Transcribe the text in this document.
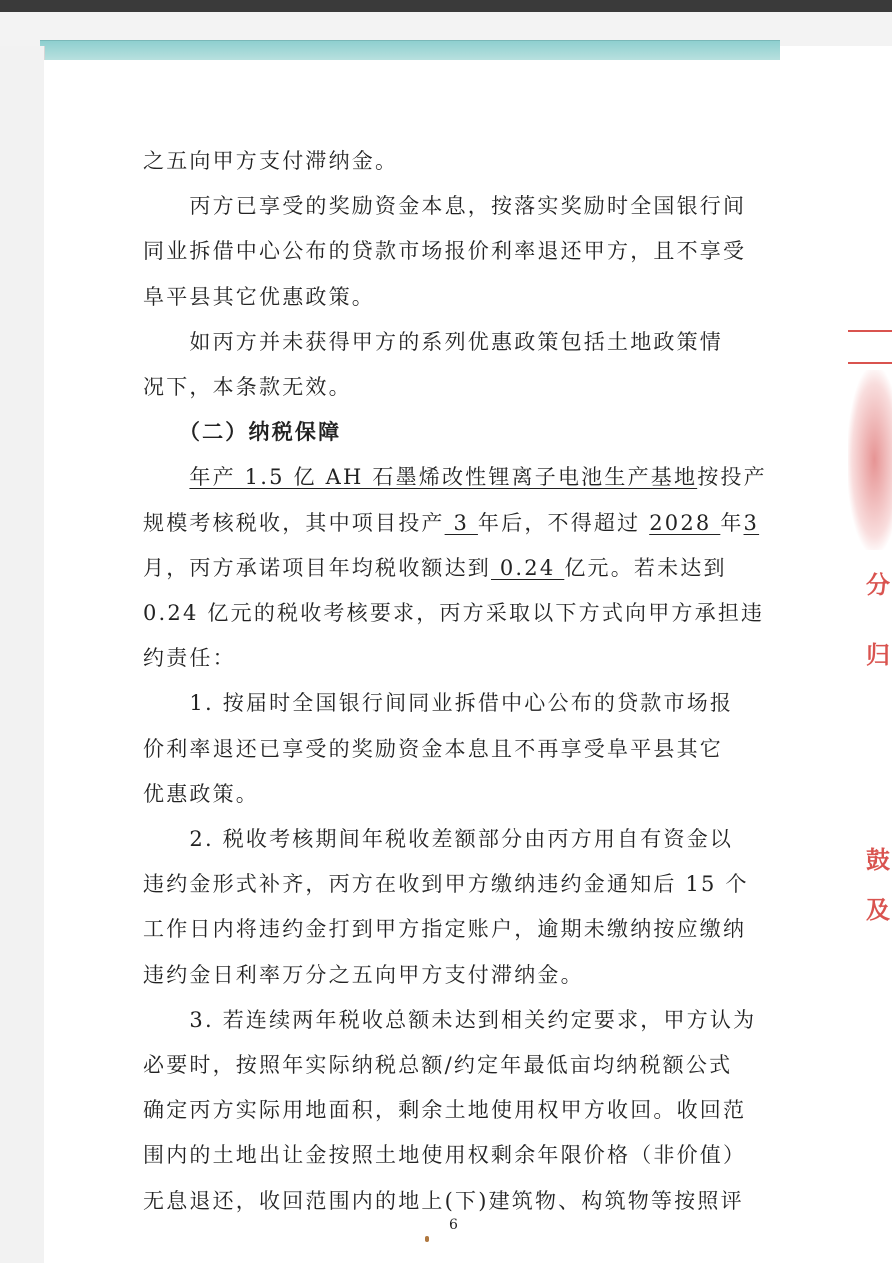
之五向甲方支付滞纳金。
　　丙方已享受的奖励资金本息，按落实奖励时全国银行间
同业拆借中心公布的贷款市场报价利率退还甲方，且不享受
阜平县其它优惠政策。
　　如丙方并未获得甲方的系列优惠政策包括土地政策情
况下，本条款无效。
　　（二）纳税保障
　　年产 1.5 亿 AH 石墨烯改性锂离子电池生产基地按投产
规模考核税收，其中项目投产 3 年后，不得超过 2028 年3
月，丙方承诺项目年均税收额达到 0.24 亿元。若未达到
0.24 亿元的税收考核要求，丙方采取以下方式向甲方承担违
约责任：
　　1. 按届时全国银行间同业拆借中心公布的贷款市场报
价利率退还已享受的奖励资金本息且不再享受阜平县其它
优惠政策。
　　2. 税收考核期间年税收差额部分由丙方用自有资金以
违约金形式补齐，丙方在收到甲方缴纳违约金通知后 15 个
工作日内将违约金打到甲方指定账户，逾期未缴纳按应缴纳
违约金日利率万分之五向甲方支付滞纳金。
　　3. 若连续两年税收总额未达到相关约定要求，甲方认为
必要时，按照年实际纳税总额/约定年最低亩均纳税额公式
确定丙方实际用地面积，剩余土地使用权甲方收回。收回范
围内的土地出让金按照土地使用权剩余年限价格（非价值）
无息退还，收回范围内的地上(下)建筑物、构筑物等按照评
分
归
鼓
及
6
